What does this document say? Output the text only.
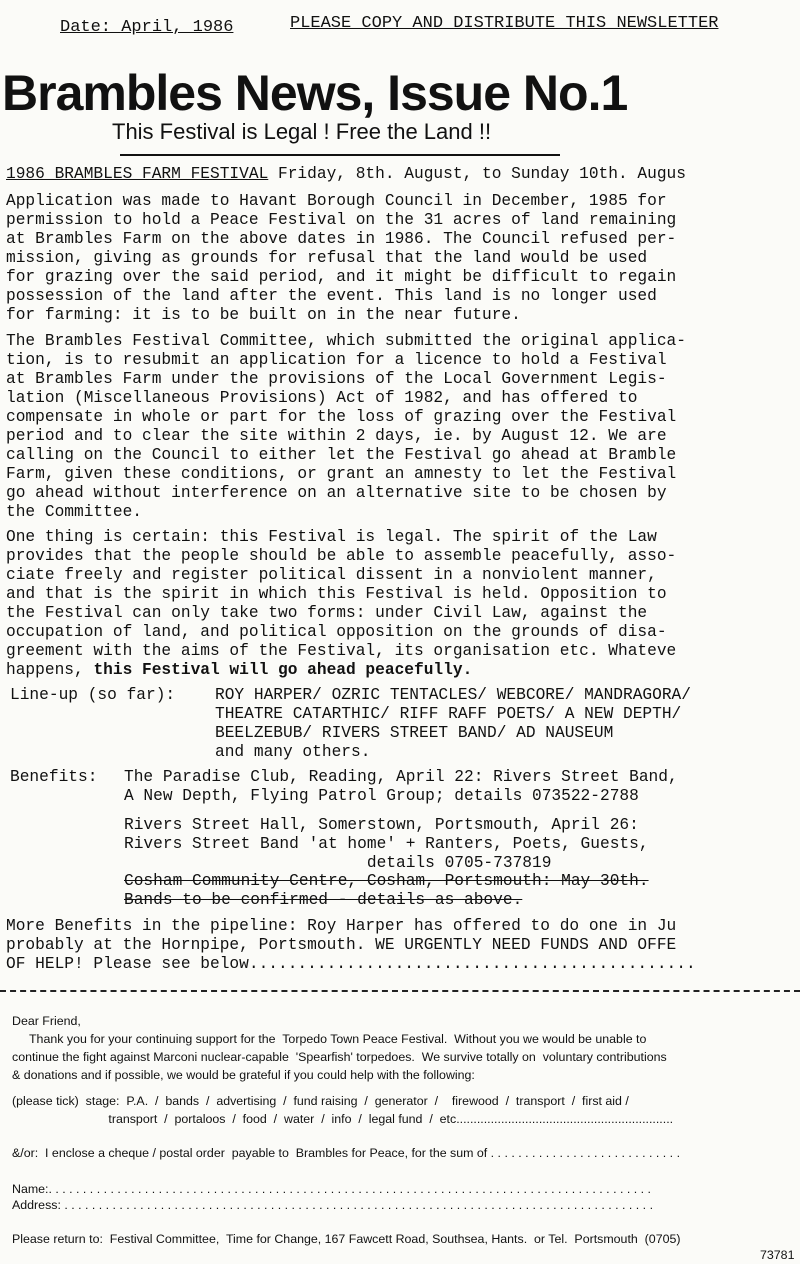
Date: April, 1986	PLEASE COPY AND DISTRIBUTE THIS NEWSLETTER
Brambles News, Issue No.1
This Festival is Legal ! Free the Land !!
1986 BRAMBLES FARM FESTIVAL Friday, 8th. August, to Sunday 10th. Augus
Application was made to Havant Borough Council in December, 1985 for
permission to hold a Peace Festival on the 31 acres of land remaining
at Brambles Farm on the above dates in 1986. The Council refused per-
mission, giving as grounds for refusal that the land would be used
for grazing over the said period, and it might be difficult to regain
possession of the land after the event. This land is no longer used
for farming: it is to be built on in the near future.
The Brambles Festival Committee, which submitted the original applica-
tion, is to resubmit an application for a licence to hold a Festival
at Brambles Farm under the provisions of the Local Government Legis-
lation (Miscellaneous Provisions) Act of 1982, and has offered to
compensate in whole or part for the loss of grazing over the Festival
period and to clear the site within 2 days, ie. by August 12. We are
calling on the Council to either let the Festival go ahead at Bramble
Farm, given these conditions, or grant an amnesty to let the Festival
go ahead without interference on an alternative site to be chosen by
the Committee.
One thing is certain: this Festival is legal. The spirit of the Law
provides that the people should be able to assemble peacefully, asso-
ciate freely and register political dissent in a nonviolent manner,
and that is the spirit in which this Festival is held. Opposition to
the Festival can only take two forms: under Civil Law, against the
occupation of land, and political opposition on the grounds of disa-
greement with the aims of the Festival, its organisation etc. Whateve
happens, this Festival will go ahead peacefully.
Line-up (so far): ROY HARPER/ OZRIC TENTACLES/ WEBCORE/ MANDRAGORA/
THEATRE CATARTHIC/ RIFF RAFF POETS/ A NEW DEPTH/
BEELZEBUB/ RIVERS STREET BAND/ AD NAUSEUM
and many others.
Benefits: The Paradise Club, Reading, April 22: Rivers Street Band,
A New Depth, Flying Patrol Group; details 073522-2788
Rivers Street Hall, Somerstown, Portsmouth, April 26:
Rivers Street Band 'at home' + Ranters, Poets, Guests,
details 0705-737819
Cosham Community Centre, Cosham, Portsmouth: May 30th.
Bands to be confirmed - details as above.
More Benefits in the pipeline: Roy Harper has offered to do one in Ju
probably at the Hornpipe, Portsmouth. WE URGENTLY NEED FUNDS AND OFFE
OF HELP! Please see below..............................................
Dear Friend,
Thank you for your continuing support for the  Torpedo Town Peace Festival.  Without you we would be unable to
continue the fight against Marconi nuclear-capable  'Spearfish' torpedoes.  We survive totally on  voluntary contributions
& donations and if possible, we would be grateful if you could help with the following:
(please tick)  stage:  P.A.  /  bands  /  advertising  /  fund raising  /  generator  /    firewood  /  transport  /  first aid /
transport  /  portaloos  /  food  /  water  /  info  /  legal fund  /  etc...............................................................
&/or:  I enclose a cheque / postal order  payable to  Brambles for Peace, for the sum of . . . . . . . . . . . . . . . . . . . . . . . . . . . .
Name:. . . . . . . . . . . . . . . . . . . . . . . . . . . . . . . . . . . . . . . . . . . . . . . . . . . . . . . . . . . . . . . . . . . . . . . . . . . . . . . . . . . . . . . .
Address: . . . . . . . . . . . . . . . . . . . . . . . . . . . . . . . . . . . . . . . . . . . . . . . . . . . . . . . . . . . . . . . . . . . . . . . . . . . . . . . . . . . . . .
Please return to:  Festival Committee,  Time for Change, 167 Fawcett Road, Southsea, Hants.  or Tel.  Portsmouth  (0705)
73781
